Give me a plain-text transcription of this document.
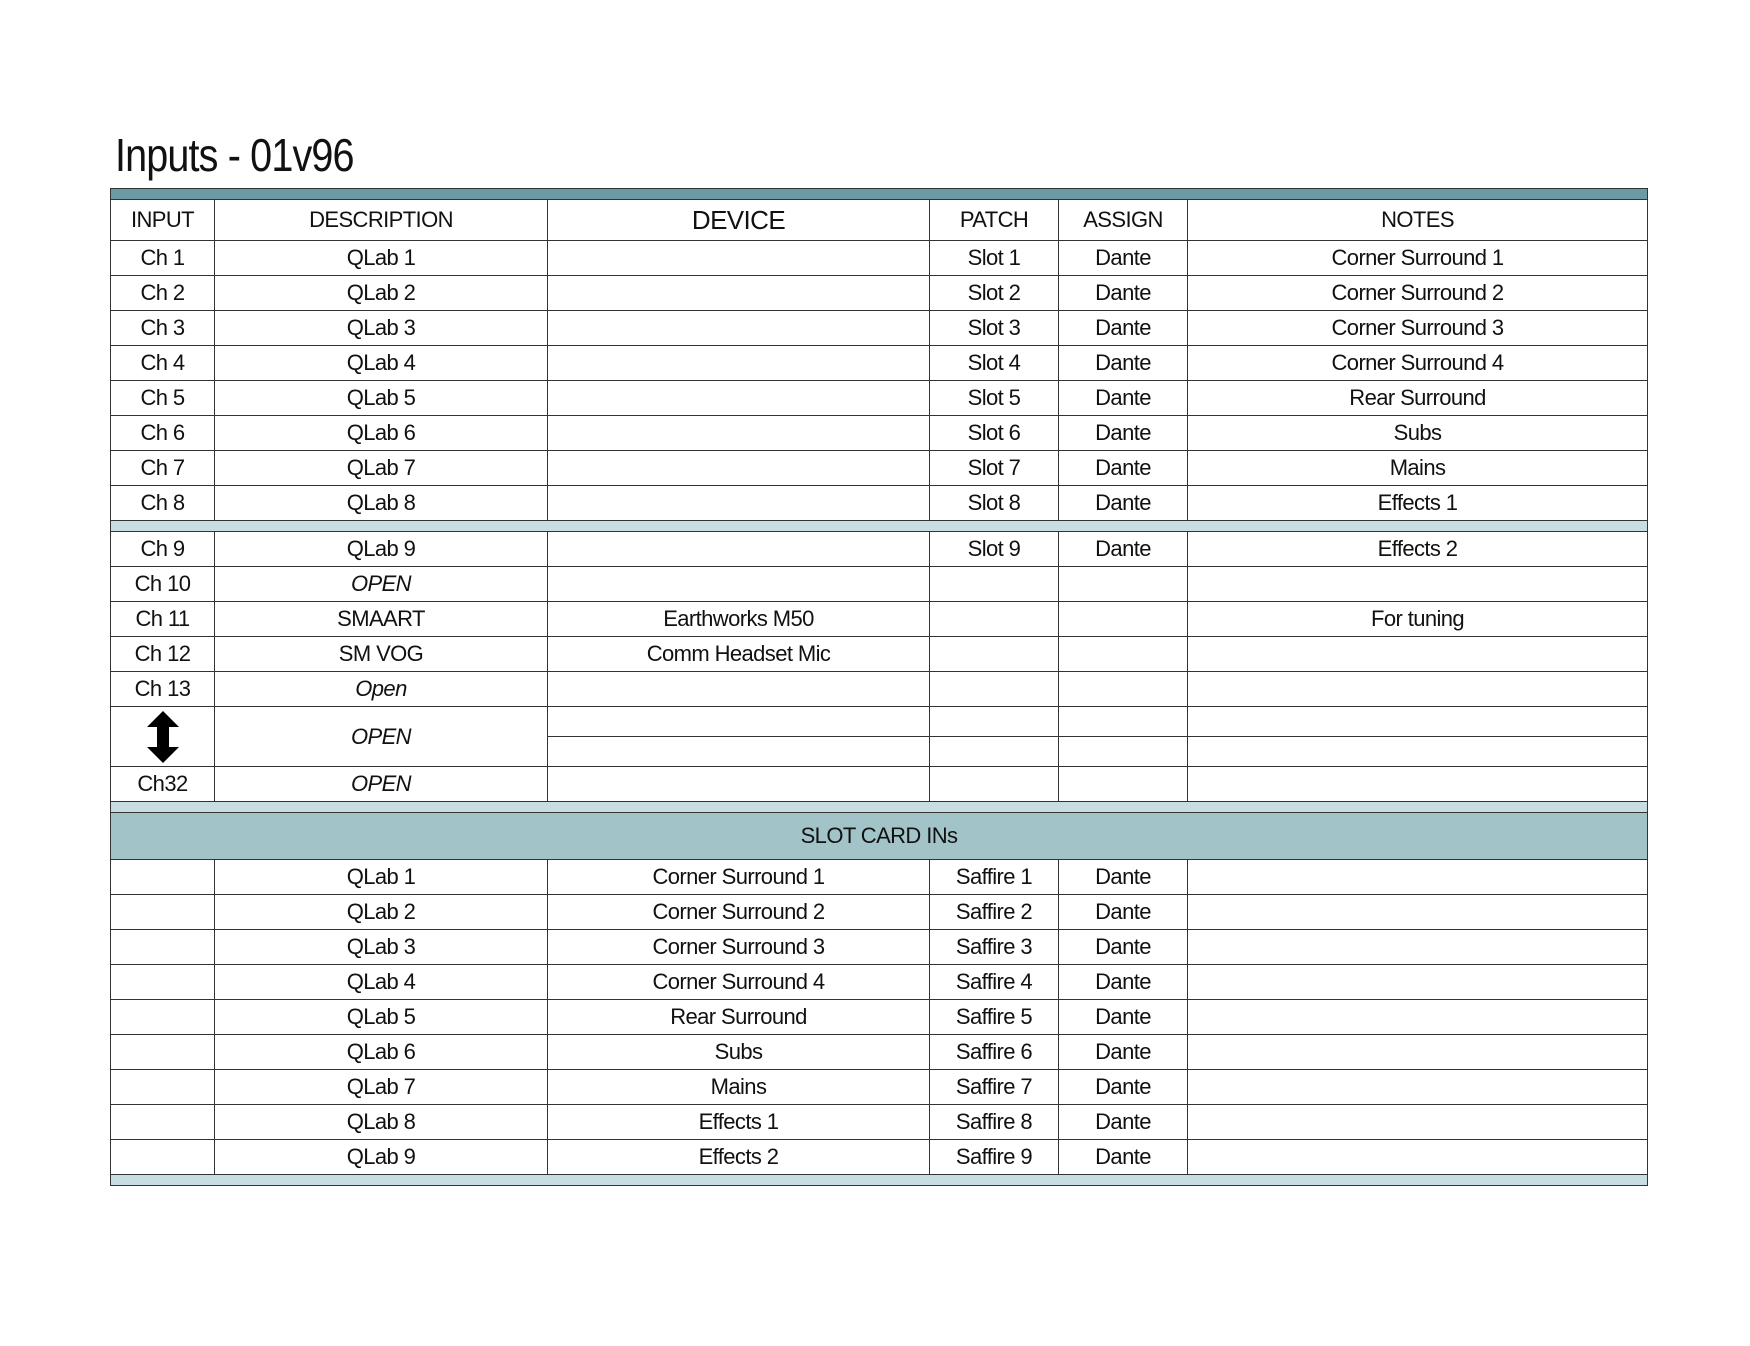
Inputs - 01v96

INPUT	DESCRIPTION	DEVICE	PATCH	ASSIGN	NOTES
Ch 1	QLab 1		Slot 1	Dante	Corner Surround 1
Ch 2	QLab 2		Slot 2	Dante	Corner Surround 2
Ch 3	QLab 3		Slot 3	Dante	Corner Surround 3
Ch 4	QLab 4		Slot 4	Dante	Corner Surround 4
Ch 5	QLab 5		Slot 5	Dante	Rear Surround
Ch 6	QLab 6		Slot 6	Dante	Subs
Ch 7	QLab 7		Slot 7	Dante	Mains
Ch 8	QLab 8		Slot 8	Dante	Effects 1

Ch 9	QLab 9		Slot 9	Dante	Effects 2
Ch 10	OPEN				
Ch 11	SMAART	Earthworks M50			For tuning
Ch 12	SM VOG	Comm Headset Mic			
Ch 13	Open				

	OPEN				

Ch32	OPEN				

SLOT CARD INs					
	QLab 1	Corner Surround 1	Saffire 1	Dante	
	QLab 2	Corner Surround 2	Saffire 2	Dante	
	QLab 3	Corner Surround 3	Saffire 3	Dante	
	QLab 4	Corner Surround 4	Saffire 4	Dante	
	QLab 5	Rear Surround	Saffire 5	Dante	
	QLab 6	Subs	Saffire 6	Dante	
	QLab 7	Mains	Saffire 7	Dante	
	QLab 8	Effects 1	Saffire 8	Dante	
	QLab 9	Effects 2	Saffire 9	Dante	
